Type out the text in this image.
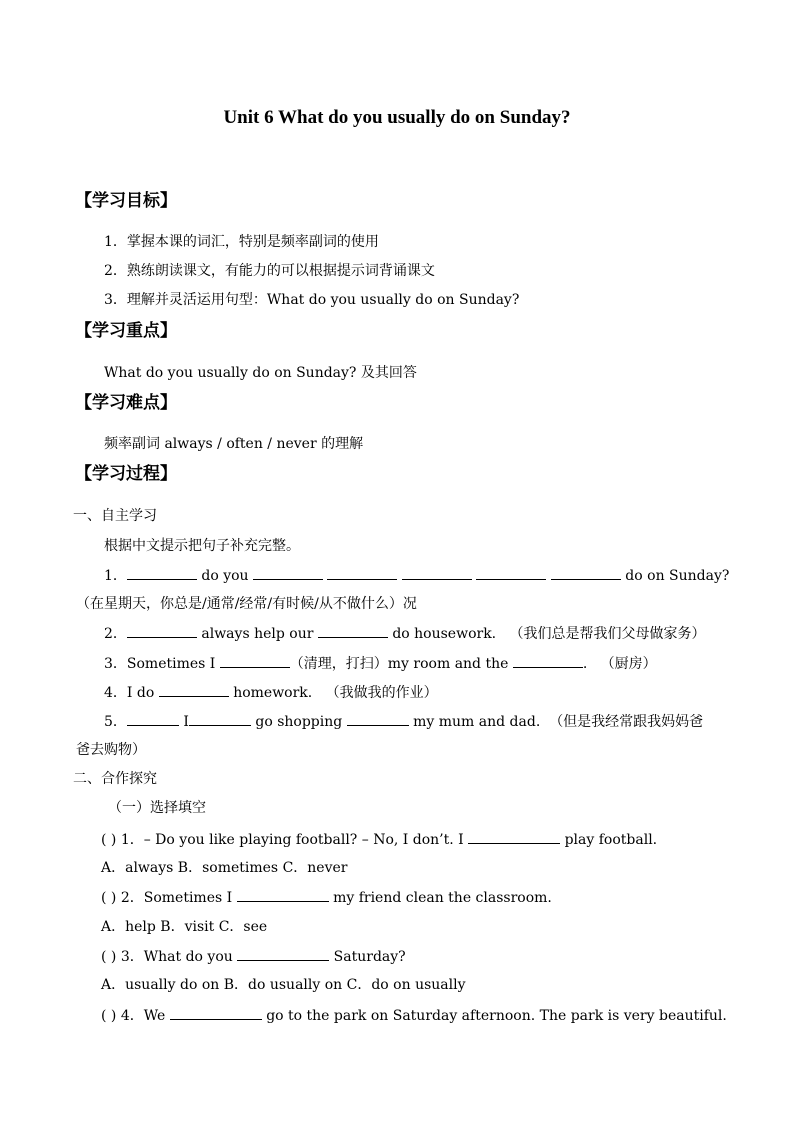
Unit 6 What do you usually do on Sunday?
【学习目标】
1．掌握本课的词汇，特别是频率副词的使用
2．熟练朗读课文，有能力的可以根据提示词背诵课文
3．理解并灵活运用句型：What do you usually do on Sunday?
【学习重点】
What do you usually do on Sunday? 及其回答
【学习难点】
频率副词 always / often / never 的理解
【学习过程】
一、自主学习
根据中文提示把句子补充完整。
1．	do you	do on Sunday?
（在星期天，你总是/通常/经常/有时候/从不做什么）况
2．	always help our	do housework. （我们总是帮我们父母做家务）
3．Sometimes I	（清理，打扫）my room and the	. （厨房）
4．I do	homework. （我做我的作业）
5．	I	go shopping	my mum and dad. （但是我经常跟我妈妈爸
爸去购物）
二、合作探究
（一）选择填空
( ) 1．– Do you like playing football? – No, I don’t. I	play football.
A．always B．sometimes C．never
( ) 2．Sometimes I	my friend clean the classroom.
A．help B．visit C．see
( ) 3．What do you	Saturday?
A．usually do on B．do usually on C．do on usually
( ) 4．We	go to the park on Saturday afternoon. The park is very beautiful.
